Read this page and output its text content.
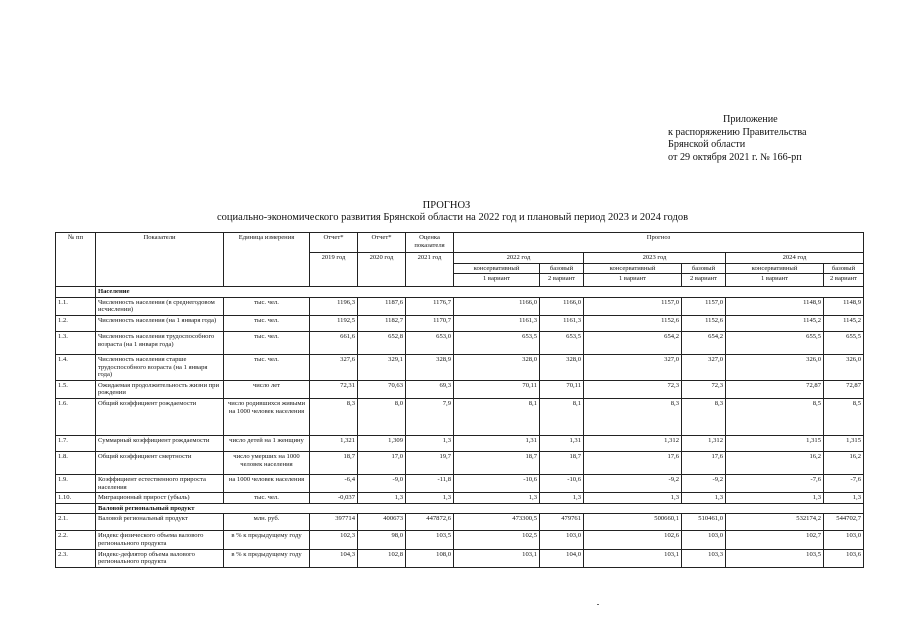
Приложение
к распоряжению Правительства
Брянской области
от 29 октября 2021 г. № 166-рп
ПРОГНОЗ
социально-экономического развития Брянской области на 2022 год и плановый период 2023 и 2024 годов
№ пп	Показатели	Единица измерения	Отчет*	Отчет*	Оценка показателя	Прогноз					
			2019 год	2020 год	2021 год	2022 год		2023 год		2024 год	
						консервативный	базовый	консервативный	базовый	консервативный	базовый
						1 вариант	2 вариант	1 вариант	2 вариант	1 вариант	2 вариант
	Население										
1.1.	Численность населения (в среднегодовом исчислении)	тыс. чел.	1196,3	1187,6	1176,7	1166,0	1166,0	1157,0	1157,0	1148,9	1148,9
1.2.	Численность населения (на 1 января года)	тыс. чел.	1192,5	1182,7	1170,7	1161,3	1161,3	1152,6	1152,6	1145,2	1145,2
1.3.	Численность населения трудоспособного возраста (на 1 января года)	тыс. чел.	661,6	652,8	653,0	653,5	653,5	654,2	654,2	655,5	655,5
1.4.	Численность населения старше трудоспособного возраста (на 1 января года)	тыс. чел.	327,6	329,1	328,9	328,0	328,0	327,0	327,0	326,0	326,0
1.5.	Ожидаемая продолжительность жизни при рождении	число лет	72,31	70,63	69,3	70,11	70,11	72,3	72,3	72,87	72,87
1.6.	Общий коэффициент рождаемости	число родившихся живыми на 1000 человек населения	8,3	8,0	7,9	8,1	8,1	8,3	8,3	8,5	8,5
1.7.	Суммарный коэффициент рождаемости	число детей на 1 женщину	1,321	1,309	1,3	1,31	1,31	1,312	1,312	1,315	1,315
1.8.	Общий коэффициент смертности	число умерших на 1000 человек населения	18,7	17,0	19,7	18,7	18,7	17,6	17,6	16,2	16,2
1.9.	Коэффициент естественного прироста населения	на 1000 человек населения	-6,4	-9,0	-11,8	-10,6	-10,6	-9,2	-9,2	-7,6	-7,6
1.10.	Миграционный прирост (убыль)	тыс. чел.	-0,037	1,3	1,3	1,3	1,3	1,3	1,3	1,3	1,3
	Валовой региональный продукт										
2.1.	Валовой региональный продукт	млн. руб.	397714	400673	447872,6	473300,5	479761	500660,1	510461,0	532174,2	544702,7
2.2.	Индекс физического объема валового регионального продукта	в % к предыдущему году	102,3	98,0	103,5	102,5	103,0	102,6	103,0	102,7	103,0
2.3.	Индекс-дефлятор объема валового регионального продукта	в % к предыдущему году	104,3	102,8	108,0	103,1	104,0	103,1	103,3	103,5	103,6
